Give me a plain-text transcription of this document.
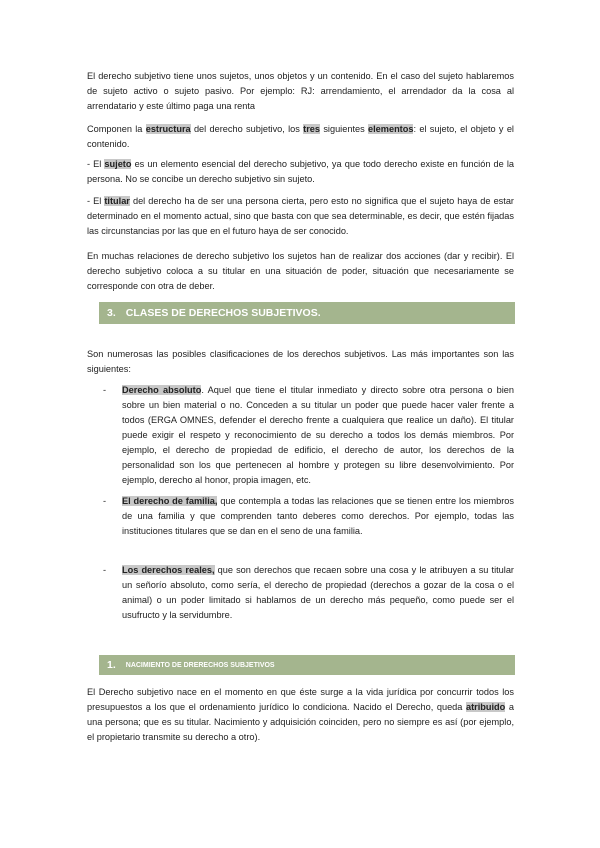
El derecho subjetivo tiene unos sujetos, unos objetos y un contenido. En el caso del sujeto hablaremos de sujeto activo o sujeto pasivo. Por ejemplo: RJ: arrendamiento, el arrendador da la cosa al arrendatario y este último paga una renta

Componen la estructura del derecho subjetivo, los tres siguientes elementos: el sujeto, el objeto y el contenido.

- El sujeto es un elemento esencial del derecho subjetivo, ya que todo derecho existe en función de la persona. No se concibe un derecho subjetivo sin sujeto.

- El titular del derecho ha de ser una persona cierta, pero esto no significa que el sujeto haya de estar determinado en el momento actual, sino que basta con que sea determinable, es decir, que estén fijadas las circunstancias por las que en el futuro haya de ser conocido.

En muchas relaciones de derecho subjetivo los sujetos han de realizar dos acciones (dar y recibir). El derecho subjetivo coloca a su titular en una situación de poder, situación que necesariamente se corresponde con otra de deber.

3. CLASES DE DERECHOS SUBJETIVOS.

Son numerosas las posibles clasificaciones de los derechos subjetivos. Las más importantes son las siguientes:

- Derecho absoluto. Aquel que tiene el titular inmediato y directo sobre otra persona o bien sobre un bien material o no. Conceden a su titular un poder que puede hacer valer frente a todos (ERGA OMNES, defender el derecho frente a cualquiera que realice un daño). El titular puede exigir el respeto y reconocimiento de su derecho a todos los demás miembros. Por ejemplo, el derecho de propiedad de edificio, el derecho de autor, los derechos de la personalidad son los que pertenecen al hombre y protegen su libre desenvolvimiento. Por ejemplo, derecho al honor, propia imagen, etc.
- El derecho de familia, que contempla a todas las relaciones que se tienen entre los miembros de una familia y que comprenden tanto deberes como derechos. Por ejemplo, todas las instituciones titulares que se dan en el seno de una familia.
- Los derechos reales, que son derechos que recaen sobre una cosa y le atribuyen a su titular un señorío absoluto, como sería, el derecho de propiedad (derechos a gozar de la cosa o el animal) o un poder limitado si hablamos de un derecho más pequeño, como puede ser el usufructo y la servidumbre.
1. NACIMIENTO DE DRERECHOS SUBJETIVOS

El Derecho subjetivo nace en el momento en que éste surge a la vida jurídica por concurrir todos los presupuestos a los que el ordenamiento jurídico lo condiciona. Nacido el Derecho, queda atribuido a una persona; que es su titular. Nacimiento y adquisición coinciden, pero no siempre es así (por ejemplo, el propietario transmite su derecho a otro).
